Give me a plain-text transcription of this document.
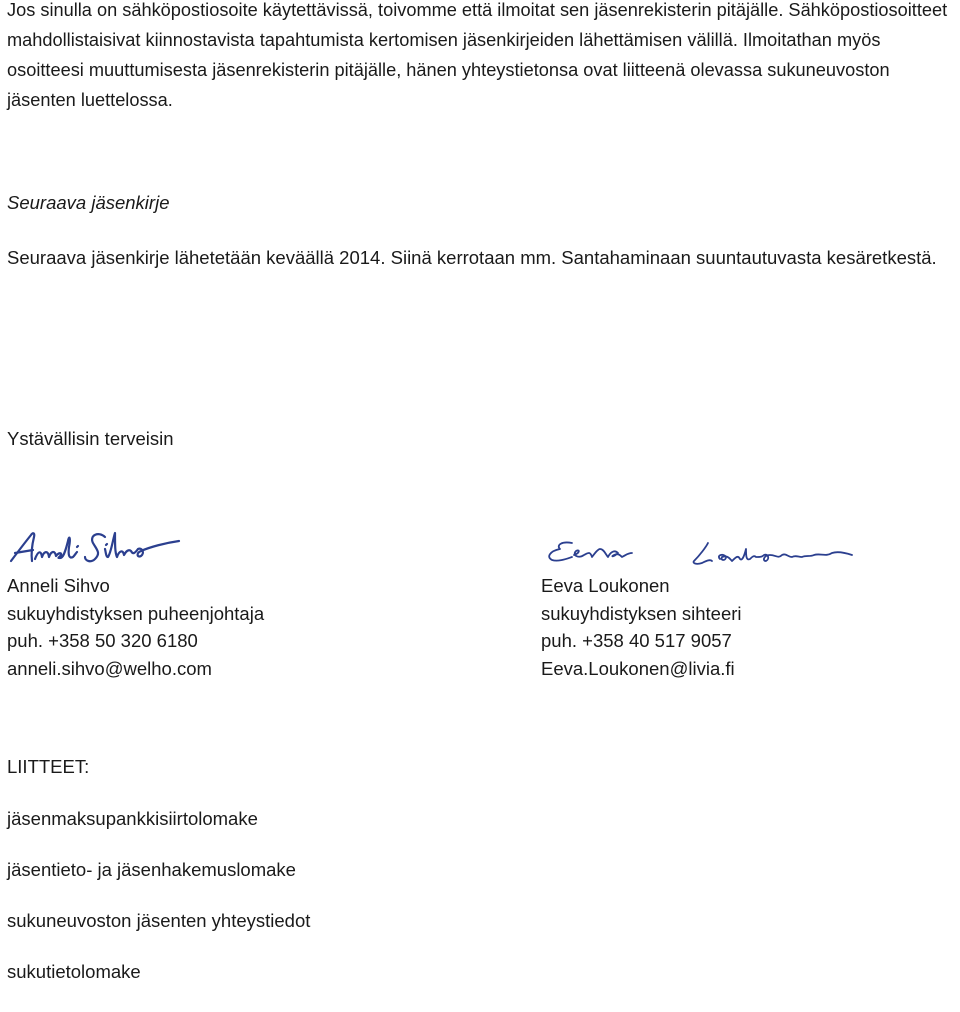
Jos sinulla on sähköpostiosoite käytettävissä, toivomme että ilmoitat sen jäsenrekisterin pitäjälle. Sähköpostiosoitteet mahdollistaisivat kiinnostavista tapahtumista kertomisen jäsenkirjeiden lähettämisen välillä. Ilmoitathan myös osoitteesi muuttumisesta jäsenrekisterin pitäjälle, hänen yhteystietonsa ovat liitteenä olevassa sukuneuvoston jäsenten luettelossa.

Seuraava jäsenkirje

Seuraava jäsenkirje lähetetään keväällä 2014. Siinä kerrotaan mm. Santahaminaan suuntautuvasta kesäretkestä.

Ystävällisin terveisin

Anneli Sihvo
sukuyhdistyksen puheenjohtaja
puh. +358 50 320 6180
anneli.sihvo@welho.com
Eeva Loukonen
sukuyhdistyksen sihteeri
puh. +358 40 517 9057
Eeva.Loukonen@livia.fi

LIITTEET:

jäsenmaksupankkisiirtolomake
jäsentieto- ja jäsenhakemuslomake
sukuneuvoston jäsenten yhteystiedot
sukutietolomake
